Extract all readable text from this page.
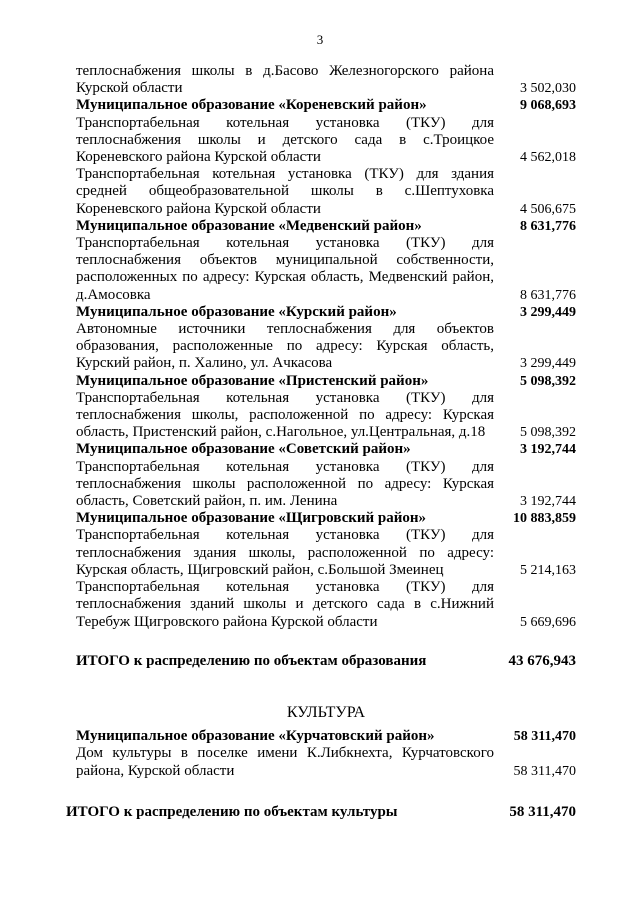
3
теплоснабжения школы в д.Басово Железногорского района Курской области	3 502,030
Муниципальное образование «Кореневский район»	9 068,693
Транспортабельная котельная установка (ТКУ) для теплоснабжения школы и детского сада в с.Троицкое Кореневского района Курской области	4 562,018
Транспортабельная котельная установка (ТКУ) для здания средней общеобразовательной школы в с.Шептуховка Кореневского района Курской области	4 506,675
Муниципальное образование «Медвенский район»	8 631,776
Транспортабельная котельная установка (ТКУ) для теплоснабжения объектов муниципальной собственности, расположенных по адресу: Курская область, Медвенский район, д.Амосовка	8 631,776
Муниципальное образование «Курский район»	3 299,449
Автономные источники теплоснабжения для объектов образования, расположенные по адресу: Курская область, Курский район, п. Халино, ул. Ачкасова	3 299,449
Муниципальное образование «Пристенский район»	5 098,392
Транспортабельная котельная установка (ТКУ) для теплоснабжения школы, расположенной по адресу: Курская область, Пристенский район, с.Нагольное, ул.Центральная, д.18	5 098,392
Муниципальное образование «Советский район»	3 192,744
Транспортабельная котельная установка (ТКУ) для теплоснабжения школы расположенной по адресу: Курская область, Советский район, п. им. Ленина	3 192,744
Муниципальное образование «Щигровский район»	10 883,859
Транспортабельная котельная установка (ТКУ) для теплоснабжения здания школы, расположенной по адресу: Курская область, Щигровский район, с.Большой Змеинец	5 214,163
Транспортабельная котельная установка (ТКУ) для теплоснабжения зданий школы и детского сада в с.Нижний Теребуж Щигровского района Курской области	5 669,696
ИТОГО к распределению по объектам образования	43 676,943
КУЛЬТУРА
Муниципальное образование «Курчатовский район»	58 311,470
Дом культуры в поселке имени К.Либкнехта, Курчатовского района, Курской области	58 311,470
ИТОГО к распределению по объектам культуры	58 311,470
